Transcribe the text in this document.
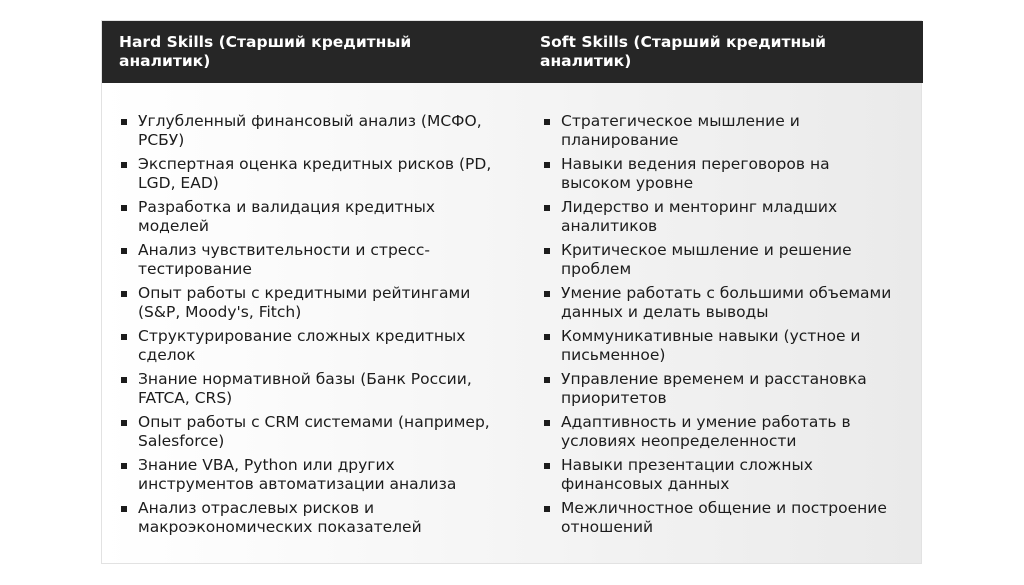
Hard Skills (Старший кредитный
аналитик)
Soft Skills (Старший кредитный
аналитик)
Углубленный финансовый анализ (МСФО,
РСБУ)
Экспертная оценка кредитных рисков (PD,
LGD, EAD)
Разработка и валидация кредитных
моделей
Анализ чувствительности и стресс-
тестирование
Опыт работы с кредитными рейтингами
(S&P, Moody's, Fitch)
Структурирование сложных кредитных
сделок
Знание нормативной базы (Банк России,
FATCA, CRS)
Опыт работы с CRM системами (например,
Salesforce)
Знание VBA, Python или других
инструментов автоматизации анализа
Анализ отраслевых рисков и
макроэкономических показателей
Стратегическое мышление и
планирование
Навыки ведения переговоров на
высоком уровне
Лидерство и менторинг младших
аналитиков
Критическое мышление и решение
проблем
Умение работать с большими объемами
данных и делать выводы
Коммуникативные навыки (устное и
письменное)
Управление временем и расстановка
приоритетов
Адаптивность и умение работать в
условиях неопределенности
Навыки презентации сложных
финансовых данных
Межличностное общение и построение
отношений
